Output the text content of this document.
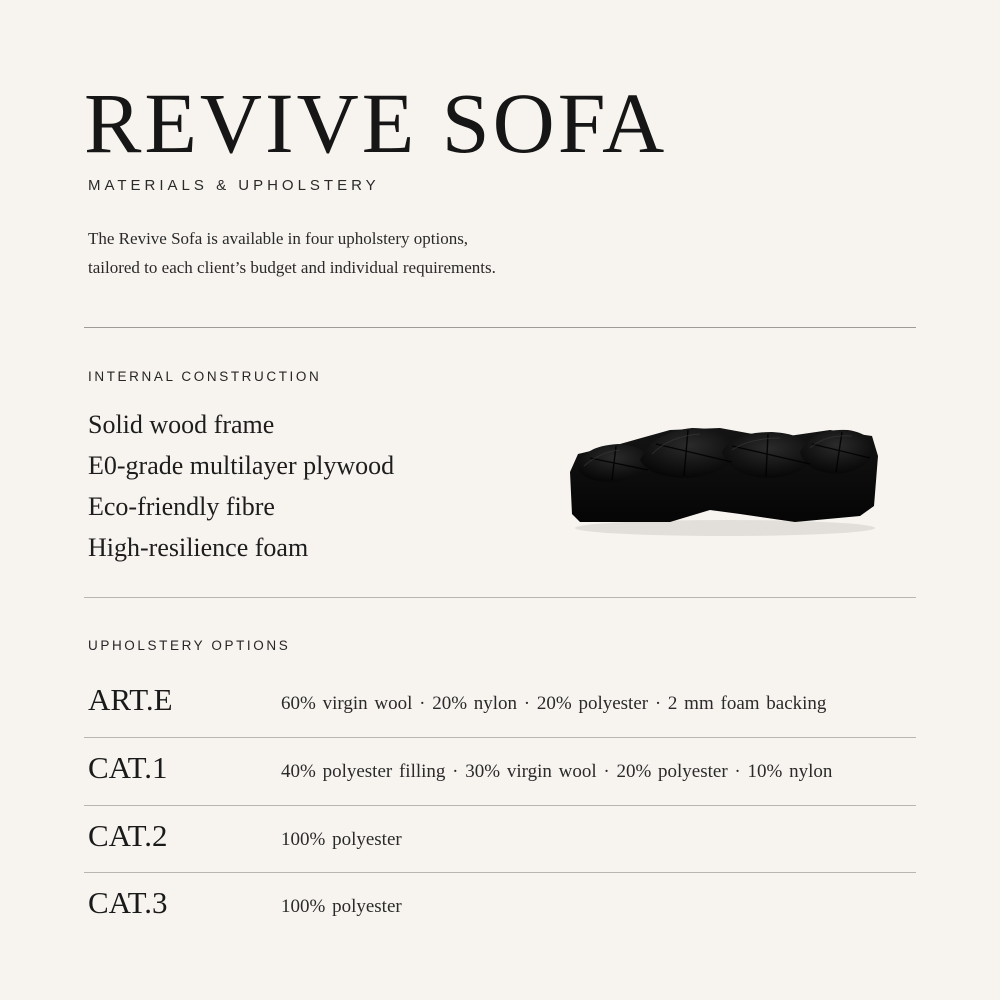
REVIVE SOFA
MATERIALS & UPHOLSTERY
The Revive Sofa is available in four upholstery options,
tailored to each client’s budget and individual requirements.
INTERNAL CONSTRUCTION
Solid wood frame
E0-grade multilayer plywood
Eco-friendly fibre
High-resilience foam
UPHOLSTERY OPTIONS
ART.E	60% virgin wool · 20% nylon · 20% polyester · 2 mm foam backing
CAT.1	40% polyester filling · 30% virgin wool · 20% polyester · 10% nylon
CAT.2	100% polyester
CAT.3	100% polyester
